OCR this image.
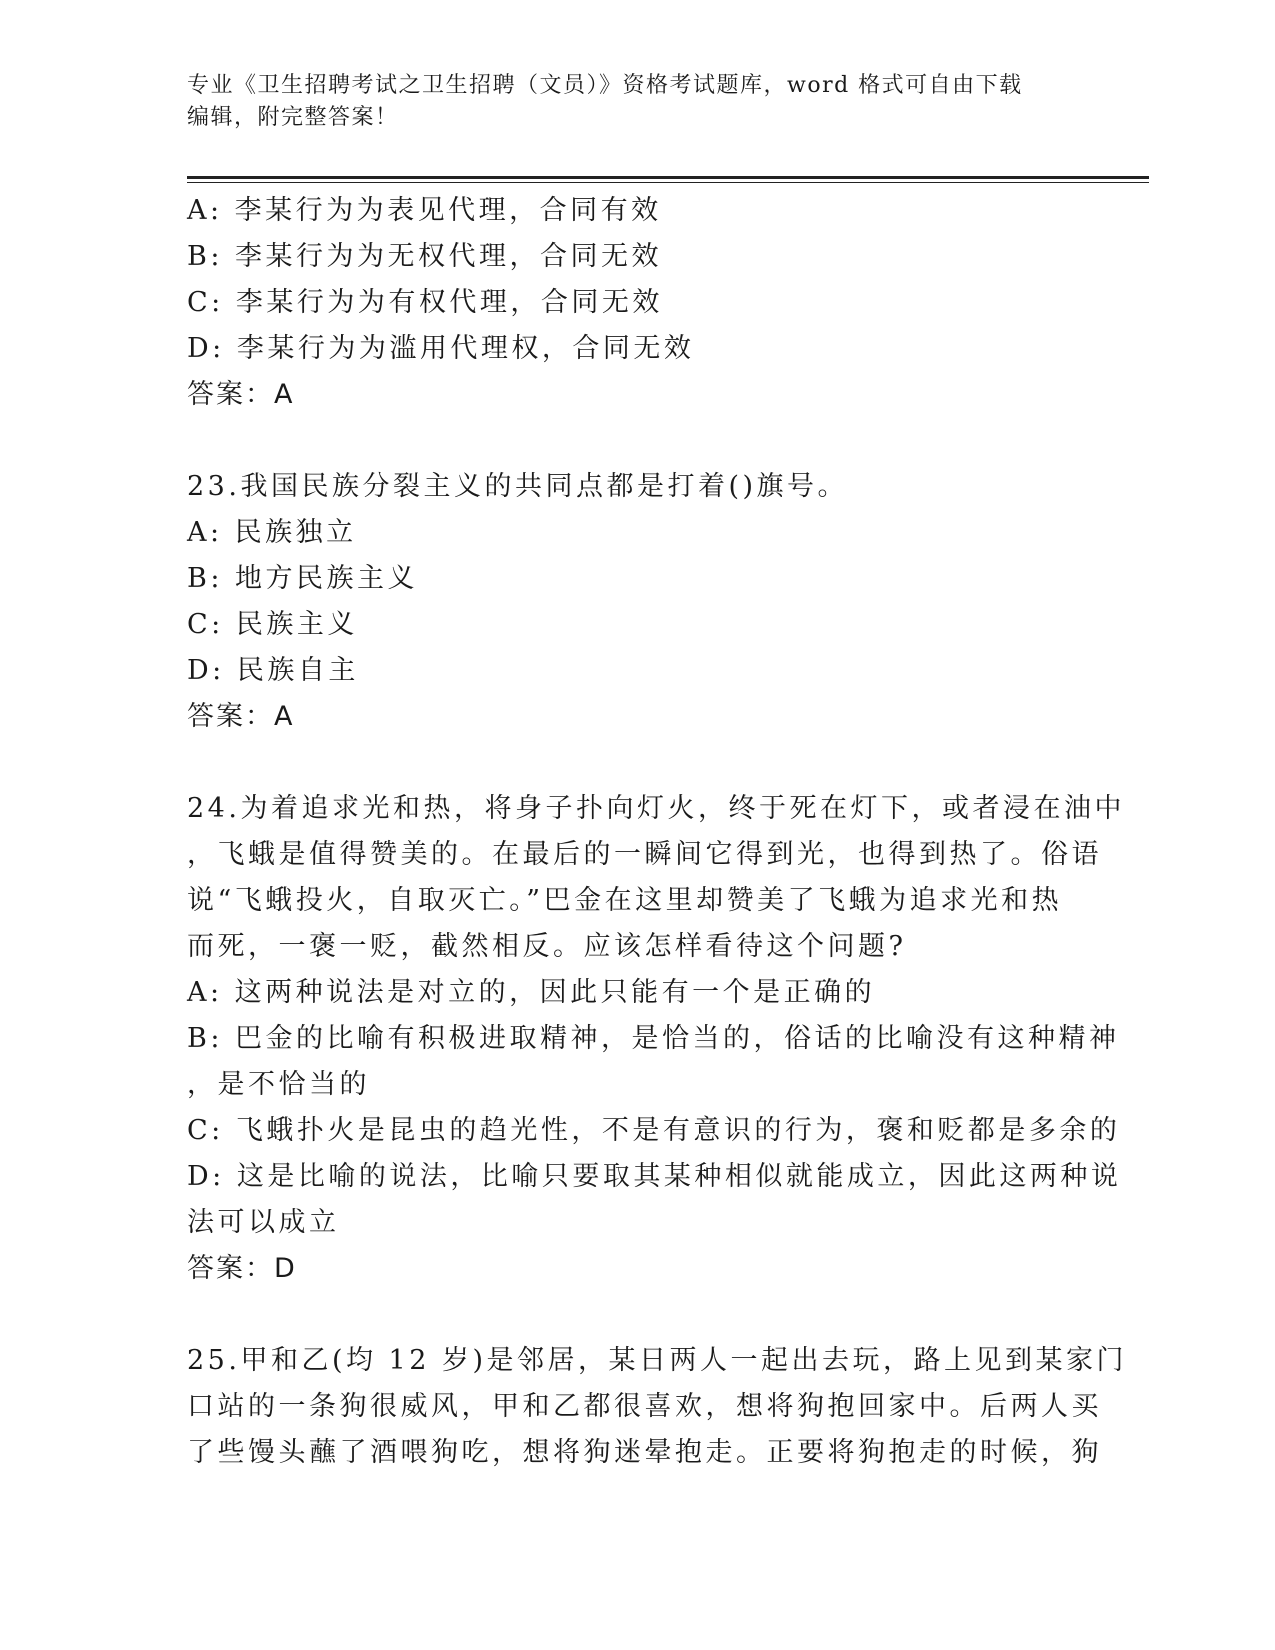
专业《卫生招聘考试之卫生招聘（文员）》资格考试题库，word 格式可自由下载
编辑，附完整答案！
A: 李某行为为表见代理，合同有效
B: 李某行为为无权代理，合同无效
C: 李某行为为有权代理，合同无效
D: 李某行为为滥用代理权，合同无效
答案：A
23.我国民族分裂主义的共同点都是打着()旗号。
A: 民族独立
B: 地方民族主义
C: 民族主义
D: 民族自主
答案：A
24.为着追求光和热，将身子扑向灯火，终于死在灯下，或者浸在油中
，飞蛾是值得赞美的。在最后的一瞬间它得到光，也得到热了。俗语
说“飞蛾投火，自取灭亡。”巴金在这里却赞美了飞蛾为追求光和热
而死，一褒一贬，截然相反。应该怎样看待这个问题?
A: 这两种说法是对立的，因此只能有一个是正确的
B: 巴金的比喻有积极进取精神，是恰当的，俗话的比喻没有这种精神
，是不恰当的
C: 飞蛾扑火是昆虫的趋光性，不是有意识的行为，褒和贬都是多余的
D: 这是比喻的说法，比喻只要取其某种相似就能成立，因此这两种说
法可以成立
答案：D
25.甲和乙(均 12 岁)是邻居，某日两人一起出去玩，路上见到某家门
口站的一条狗很威风，甲和乙都很喜欢，想将狗抱回家中。后两人买
了些馒头蘸了酒喂狗吃，想将狗迷晕抱走。正要将狗抱走的时候，狗
